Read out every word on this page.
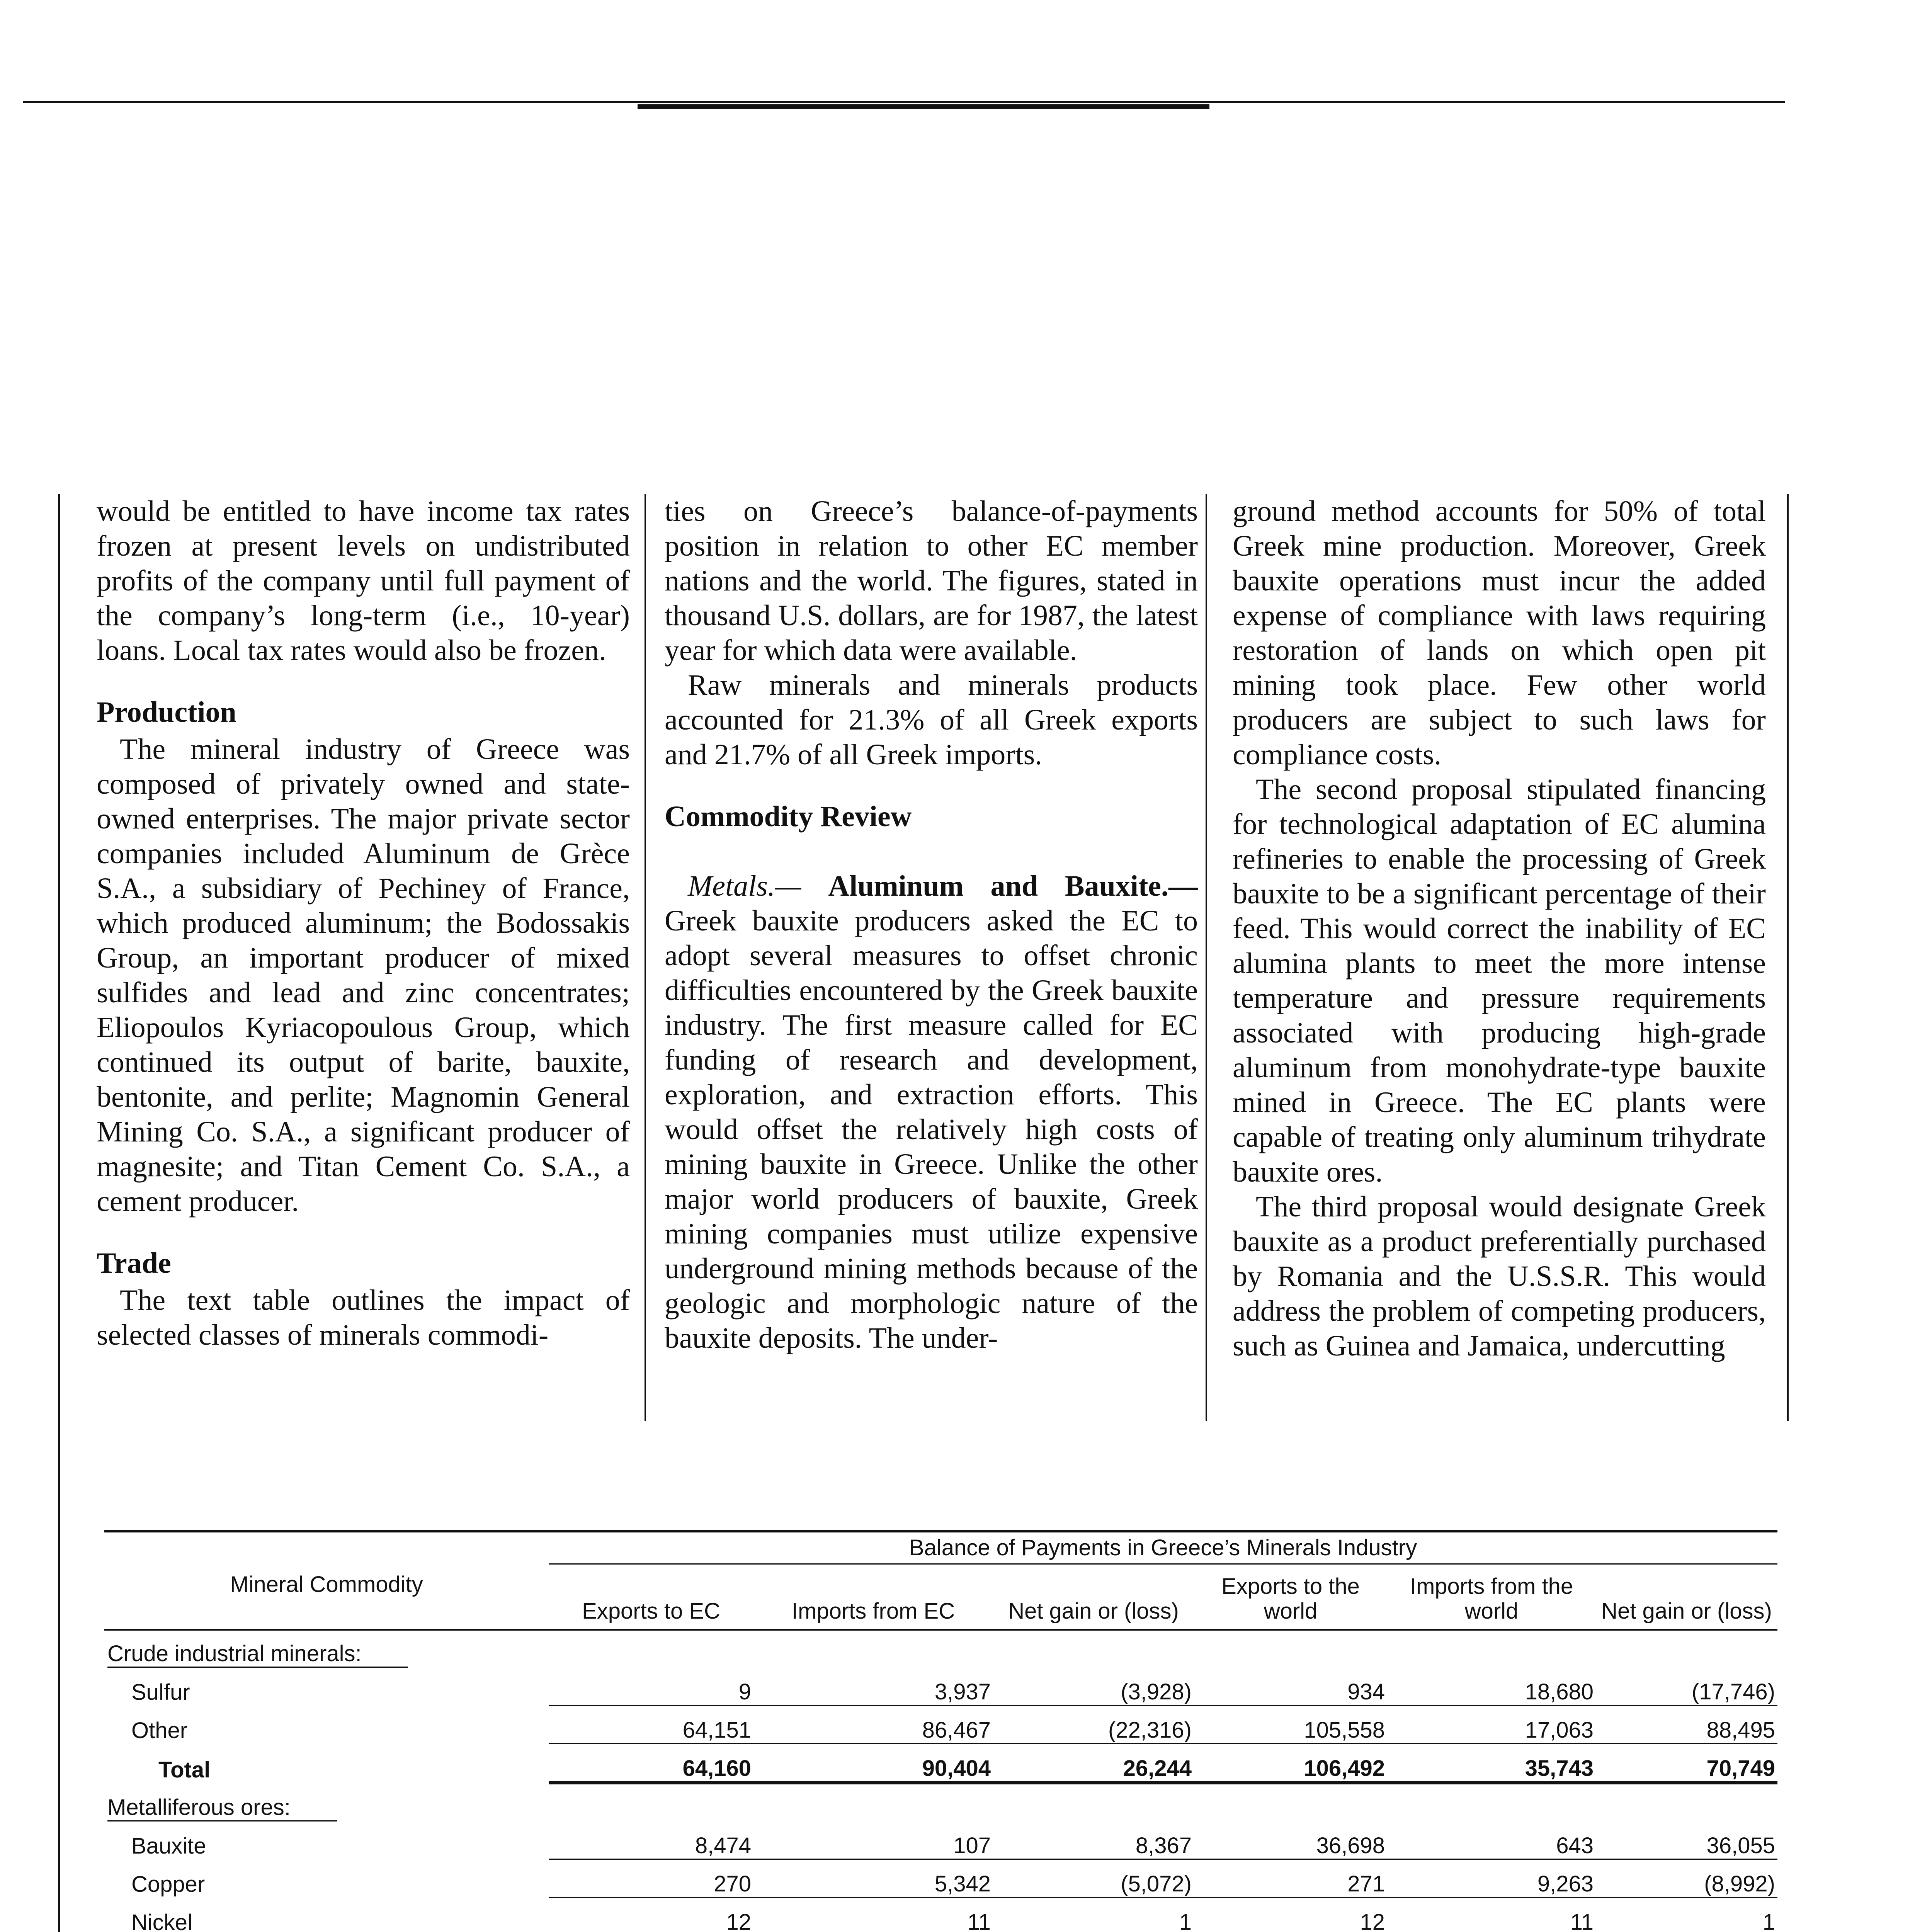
would be entitled to have income tax rates frozen at present levels on undistributed profits of the company until full payment of the company’s long-term (i.e., 10-year) loans. Local tax rates would also be frozen.

Production

The mineral industry of Greece was composed of privately owned and state-owned enterprises. The major private sector companies included Aluminum de Grèce S.A., a subsidiary of Pechiney of France, which produced aluminum; the Bodossakis Group, an important producer of mixed sulfides and lead and zinc concentrates; Eliopoulos Kyriacopoulous Group, which continued its output of barite, bauxite, bentonite, and perlite; Magnomin General Mining Co. S.A., a significant producer of magnesite; and Titan Cement Co. S.A., a cement producer.

Trade

The text table outlines the impact of selected classes of minerals commodi-

ties on Greece’s balance-of-payments position in relation to other EC member nations and the world. The figures, stated in thousand U.S. dollars, are for 1987, the latest year for which data were available.

Raw minerals and minerals products accounted for 21.3% of all Greek exports and 21.7% of all Greek imports.

Commodity Review

Metals.— Aluminum and Bauxite.— Greek bauxite producers asked the EC to adopt several measures to offset chronic difficulties encountered by the Greek bauxite industry. The first measure called for EC funding of research and development, exploration, and extraction efforts. This would offset the relatively high costs of mining bauxite in Greece. Unlike the other major world producers of bauxite, Greek mining companies must utilize expensive underground mining methods because of the geologic and morphologic nature of the bauxite deposits. The under-

ground method accounts for 50% of total Greek mine production. Moreover, Greek bauxite operations must incur the added expense of compliance with laws requiring restoration of lands on which open pit mining took place. Few other world producers are subject to such laws for compliance costs.

The second proposal stipulated financing for technological adaptation of EC alumina refineries to enable the processing of Greek bauxite to be a significant percentage of their feed. This would correct the inability of EC alumina plants to meet the more intense temperature and pressure requirements associated with producing high-grade aluminum from monohydrate-type bauxite mined in Greece. The EC plants were capable of treating only aluminum trihydrate bauxite ores.

The third proposal would designate Greek bauxite as a product preferentially purchased by Romania and the U.S.S.R. This would address the problem of competing producers, such as Guinea and Jamaica, undercutting

Mineral Commodity	Balance of Payments in Greece’s Minerals Industry					
	Exports to EC	Imports from EC	Net gain or (loss)	Exports to the world	Imports from the world	Net gain or (loss)

Crude industrial minerals:						
Sulfur	9	3,937	(3,928)	934	18,680	(17,746)
Other	64,151	86,467	(22,316)	105,558	17,063	88,495
Total	64,160	90,404	26,244	106,492	35,743	70,749
Metalliferous ores:						
Bauxite	8,474	107	8,367	36,698	643	36,055
Copper	270	5,342	(5,072)	271	9,263	(8,992)
Nickel	12	11	1	12	11	1
